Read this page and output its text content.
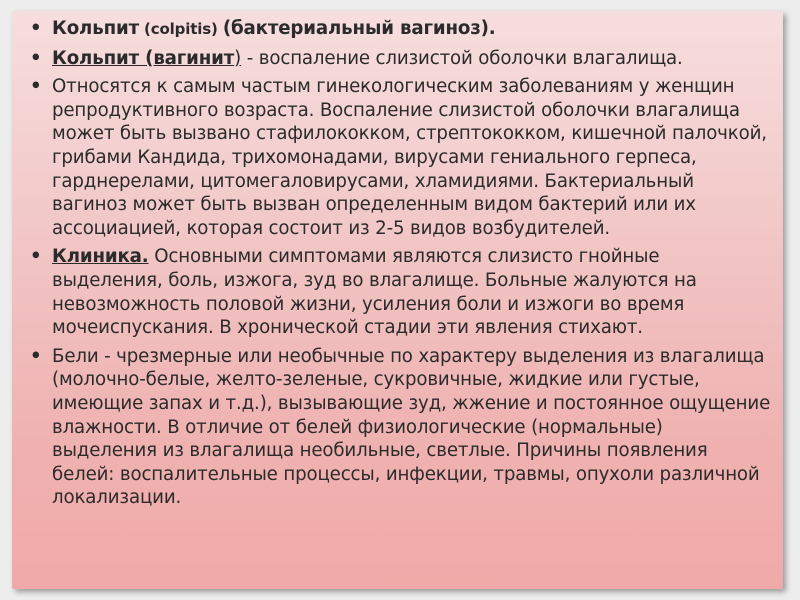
• Кольпит (colpitis) (бактериальный вагиноз).
• Кольпит (вагинит) - воспаление слизистой оболочки влагалища.
• Относятся к самым частым гинекологическим заболеваниям у женщин репродуктивного возраста. Воспаление слизистой оболочки влагалища может быть вызвано стафилококком, стрептококком, кишечной палочкой, грибами Кандида, трихомонадами, вирусами гениального герпеса, гарднерелами, цитомегаловирусами, хламидиями. Бактериальный вагиноз может быть вызван определенным видом бактерий или их ассоциацией, которая состоит из 2-5 видов возбудителей.
• Клиника. Основными симптомами являются слизисто гнойные выделения, боль, изжога, зуд во влагалище. Больные жалуются на невозможность половой жизни, усиления боли и изжоги во время мочеиспускания. В хронической стадии эти явления стихают.
• Бели - чрезмерные или необычные по характеру выделения из влагалища (молочно-белые, желто-зеленые, сукровичные, жидкие или густые, имеющие запах и т.д.), вызывающие зуд, жжение и постоянное ощущение влажности. В отличие от белей физиологические (нормальные) выделения из влагалища необильные, светлые. Причины появления белей: воспалительные процессы, инфекции, травмы, опухоли различной локализации.
